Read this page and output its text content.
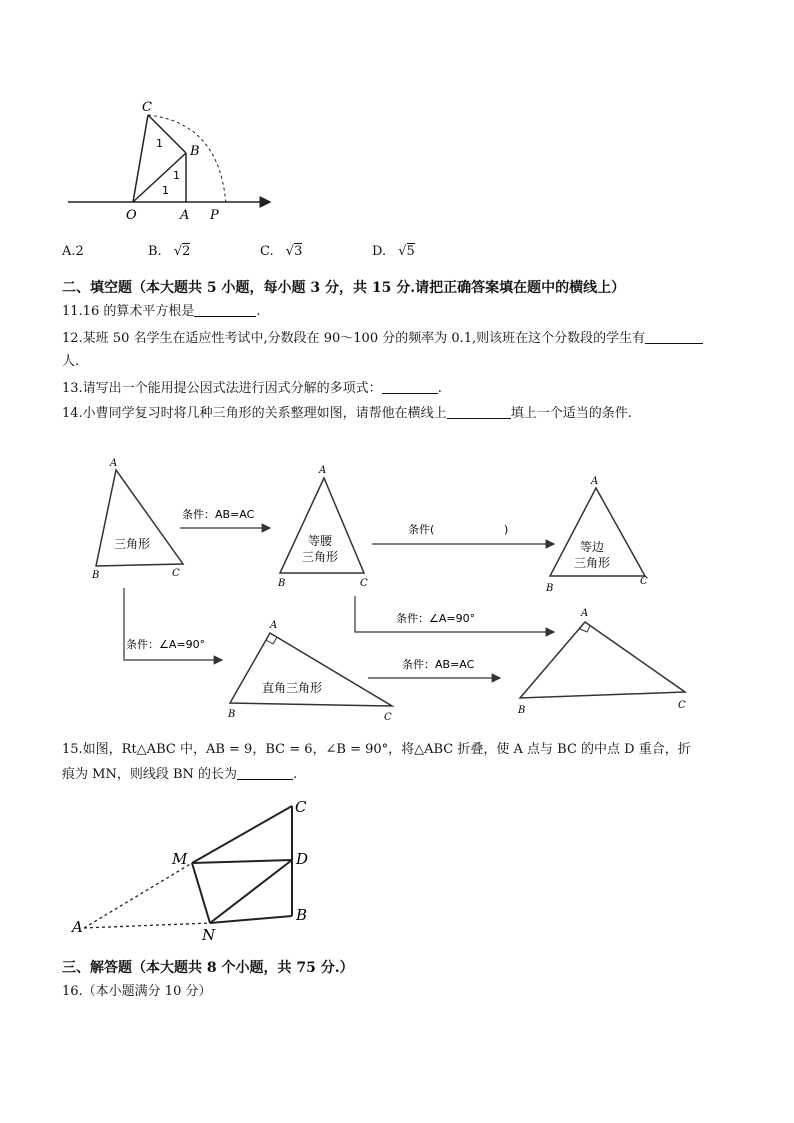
C
B
O	A P
1
1
1
A.2	B. √2	C. √3	D. √5
二、填空题（本大题共 5 小题，每小题 3 分，共 15 分.请把正确答案填在题中的横线上）
11.16 的算术平方根是	.
12.某班 50 名学生在适应性考试中,分数段在 90～100 分的频率为 0.1,则该班在这个分数段的学生有
人.
13.请写出一个能用提公因式法进行因式分解的多项式：	.
14.小曹同学复习时将几种三角形的关系整理如图，请帮他在横线上	填上一个适当的条件.
A
B	C
三角形
条件：AB=AC
A
B	C
等腰
三角形
条件(	)
A
B
C
等边
三角形
条件：∠A=90°
条件：∠A=90°
A
B	C
直角三角形
条件：AB=AC
A
B	C
15.如图，Rt△ABC 中，AB = 9，BC = 6，∠B = 90°，将△ABC 折叠，使 A 点与 BC 的中点 D 重合，折
痕为 MN，则线段 BN 的长为	.
C
M	D
A	N
B
三、解答题（本大题共 8 个小题，共 75 分.）
16.（本小题满分 10 分）
